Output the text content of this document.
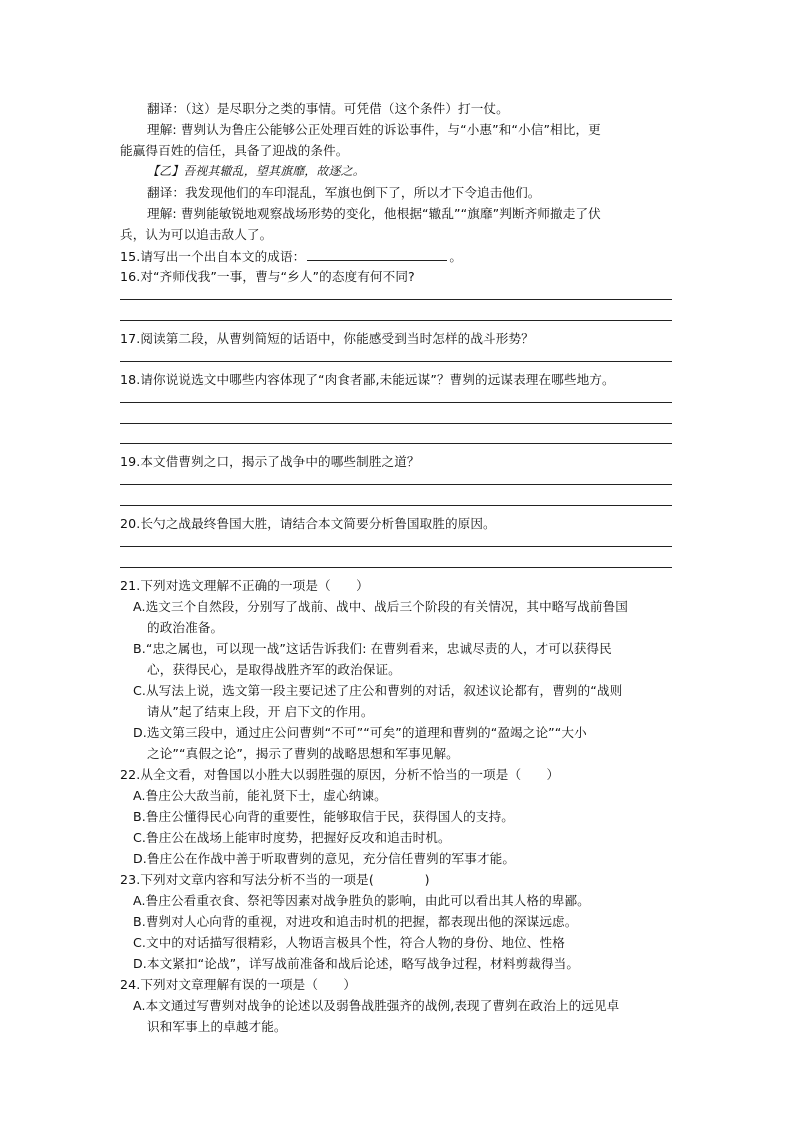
翻译：（这）是尽职分之类的事情。可凭借（这个条件）打一仗。
理解: 曹刿认为鲁庄公能够公正处理百姓的诉讼事件，与“小惠”和“小信”相比，更
能赢得百姓的信任，具备了迎战的条件。
【乙】吾视其辙乱，望其旗靡，故逐之。
翻译：我发现他们的车印混乱，军旗也倒下了，所以才下令追击他们。
理解: 曹刿能敏锐地观察战场形势的变化，他根据“辙乱”“旗靡”判断齐师撤走了伏
兵，认为可以追击敌人了。
15.请写出一个出自本文的成语：	。
16.对“齐师伐我”一事，曹与“乡人”的态度有何不同?
17.阅读第二段，从曹刿简短的话语中，你能感受到当时怎样的战斗形势？
18.请你说说选文中哪些内容体现了“肉食者鄙,未能远谋”？曹刿的远谋表理在哪些地方。
19.本文借曹刿之口，揭示了战争中的哪些制胜之道？
20.长勺之战最终鲁国大胜，请结合本文简要分析鲁国取胜的原因。
21.下列对选文理解不正确的一项是（　　）
A.选文三个自然段，分别写了战前、战中、战后三个阶段的有关情况，其中略写战前鲁国
的政治准备。
B.“忠之属也，可以现一战”这话告诉我们: 在曹刿看来，忠诚尽责的人，才可以获得民
心，获得民心，是取得战胜齐军的政治保证。
C.从写法上说，选文第一段主要记述了庄公和曹刿的对话，叙述议论都有，曹刿的“战则
请从”起了结束上段，开 启下文的作用。
D.选文第三段中，通过庄公问曹刿“不可”“可矣”的道理和曹刿的“盈竭之论”“大小
之论”“真假之论”，揭示了曹刿的战略思想和军事见解。
22.从全文看，对鲁国以小胜大以弱胜强的原因，分析不恰当的一项是（　　）
A.鲁庄公大敌当前，能礼贤下士，虚心纳谏。
B.鲁庄公懂得民心向背的重要性，能够取信于民，获得国人的支持。
C.鲁庄公在战场上能审时度势，把握好反攻和追击时机。
D.鲁庄公在作战中善于听取曹刿的意见，充分信任曹刿的军事才能。
23.下列对文章内容和写法分析不当的一项是(　　　　)
A.鲁庄公看重衣食、祭祀等因素对战争胜负的影响，由此可以看出其人格的卑鄙。
B.曹刿对人心向背的重视，对进攻和追击时机的把握，都表现出他的深谋远虑。
C.文中的对话描写很精彩，人物语言极具个性，符合人物的身份、地位、性格
D.本文紧扣“论战”，详写战前准备和战后论述，略写战争过程，材料剪裁得当。
24.下列对文章理解有误的一项是（　　）
A.本文通过写曹刿对战争的论述以及弱鲁战胜强齐的战例,表现了曹刿在政治上的远见卓
识和军事上的卓越才能。
